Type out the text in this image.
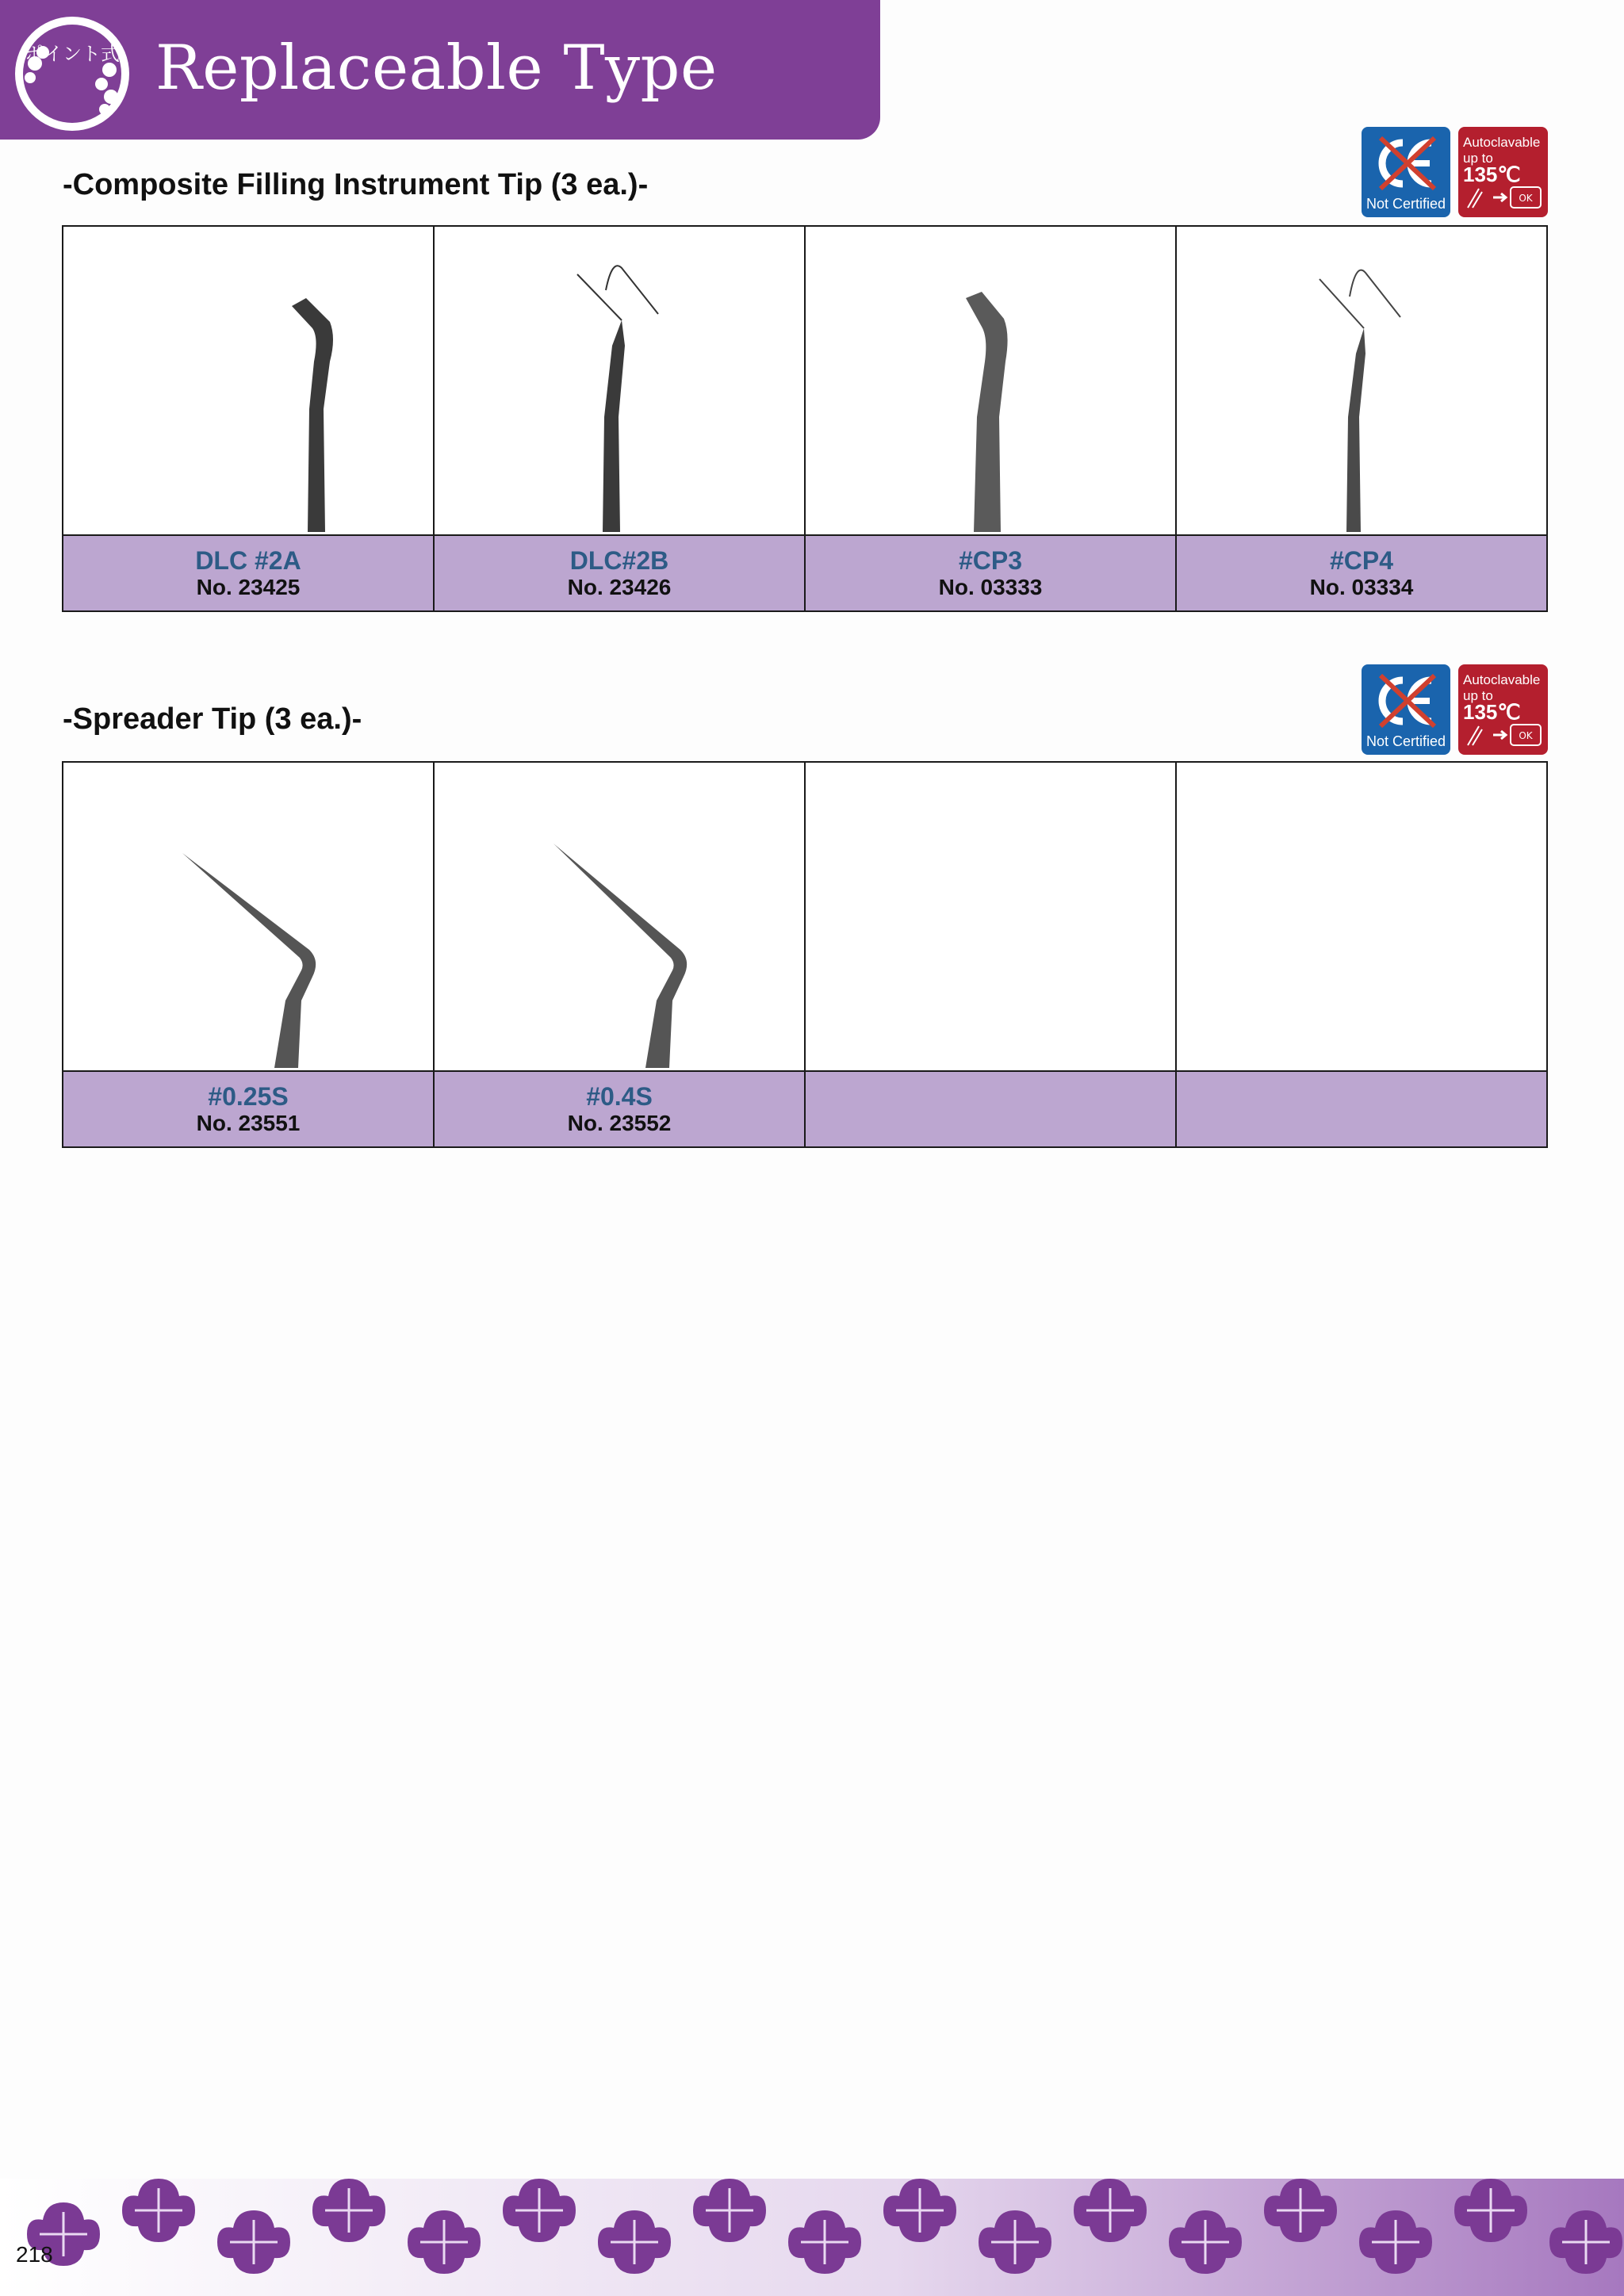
ポイント式 Replaceable Type
-Composite Filling Instrument Tip (3 ea.)-
Not Certified
Autoclavable
up to 135℃
OK

DLC #2A
No. 23425	DLC#2B
No. 23426	#CP3
No. 03333	#CP4
No. 03334
-Spreader Tip (3 ea.)-
Not Certified
Autoclavable
up to 135℃
OK

#0.25S
No. 23551	#0.4S
No. 23552		

218
